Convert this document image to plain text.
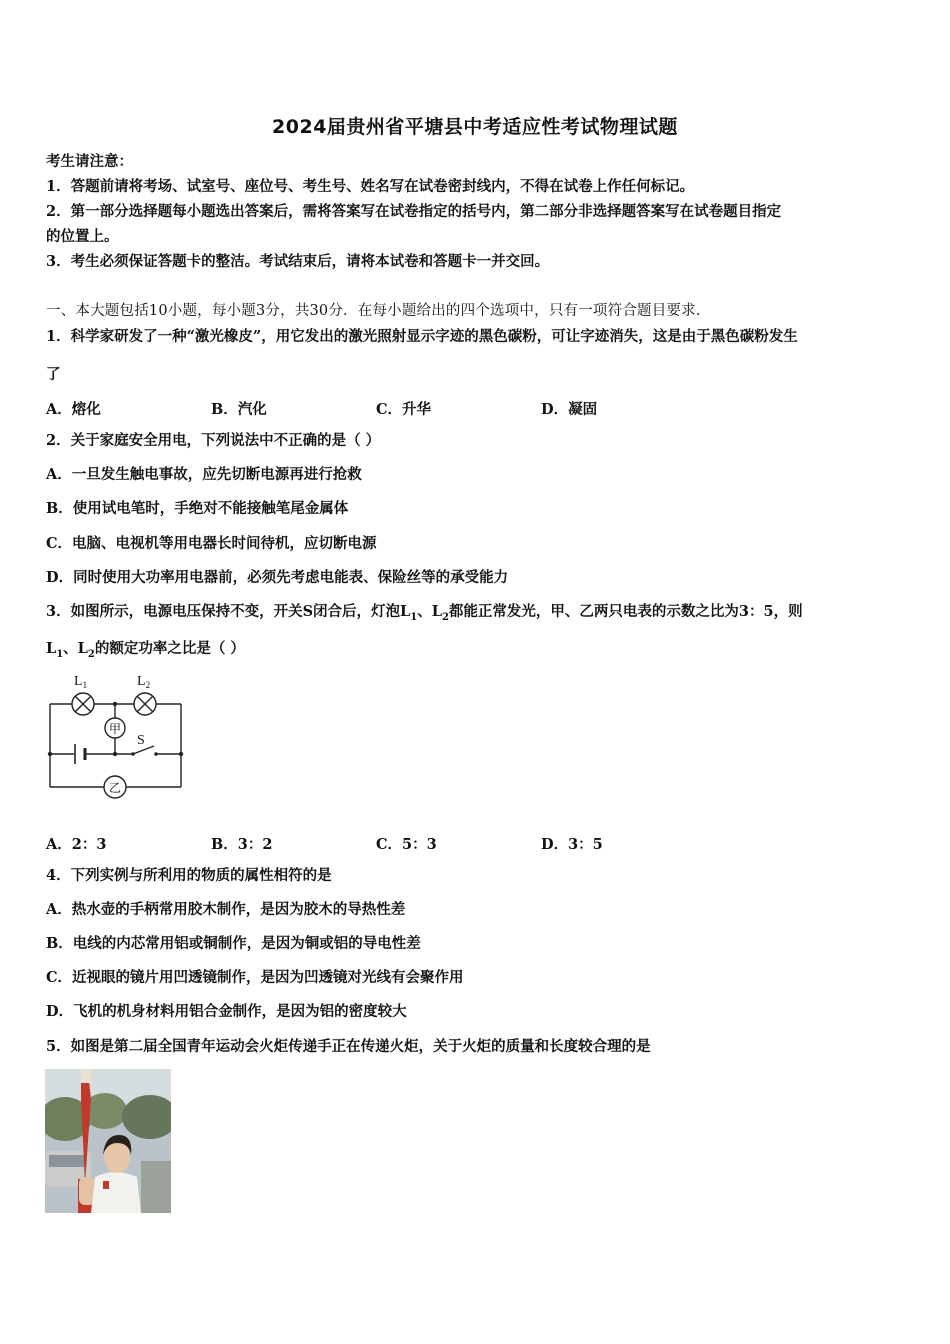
2024届贵州省平塘县中考适应性考试物理试题
考生请注意：
1．答题前请将考场、试室号、座位号、考生号、姓名写在试卷密封线内，不得在试卷上作任何标记。
2．第一部分选择题每小题选出答案后，需将答案写在试卷指定的括号内，第二部分非选择题答案写在试卷题目指定
的位置上。
3．考生必须保证答题卡的整洁。考试结束后，请将本试卷和答题卡一并交回。
一、本大题包括10小题，每小题3分，共30分．在每小题给出的四个选项中，只有一项符合题目要求．
1．科学家研发了一种“激光橡皮”，用它发出的激光照射显示字迹的黑色碳粉，可让字迹消失，这是由于黑色碳粉发生
了
A．熔化	B．汽化	C．升华	D．凝固
2．关于家庭安全用电，下列说法中不正确的是（ ）
A．一旦发生触电事故，应先切断电源再进行抢救
B．使用试电笔时，手绝对不能接触笔尾金属体
C．电脑、电视机等用电器长时间待机，应切断电源
D．同时使用大功率用电器前，必须先考虑电能表、保险丝等的承受能力
3．如图所示，电源电压保持不变，开关S闭合后，灯泡$L_1$、$L_2$都能正常发光，甲、乙两只电表的示数之比为3：5，则
$L_1$、$L_2$的额定功率之比是（ ）
S
$L_1$	$L_2$
甲
乙
A．2：3	B．3：2	C．5：3	D．3：5
4．下列实例与所利用的物质的属性相符的是
A．热水壶的手柄常用胶木制作，是因为胶木的导热性差
B．电线的内芯常用铝或铜制作，是因为铜或铝的导电性差
C．近视眼的镜片用凹透镜制作，是因为凹透镜对光线有会聚作用
D．飞机的机身材料用铝合金制作，是因为铝的密度较大
5．如图是第二届全国青年运动会火炬传递手正在传递火炬，关于火炬的质量和长度较合理的是
